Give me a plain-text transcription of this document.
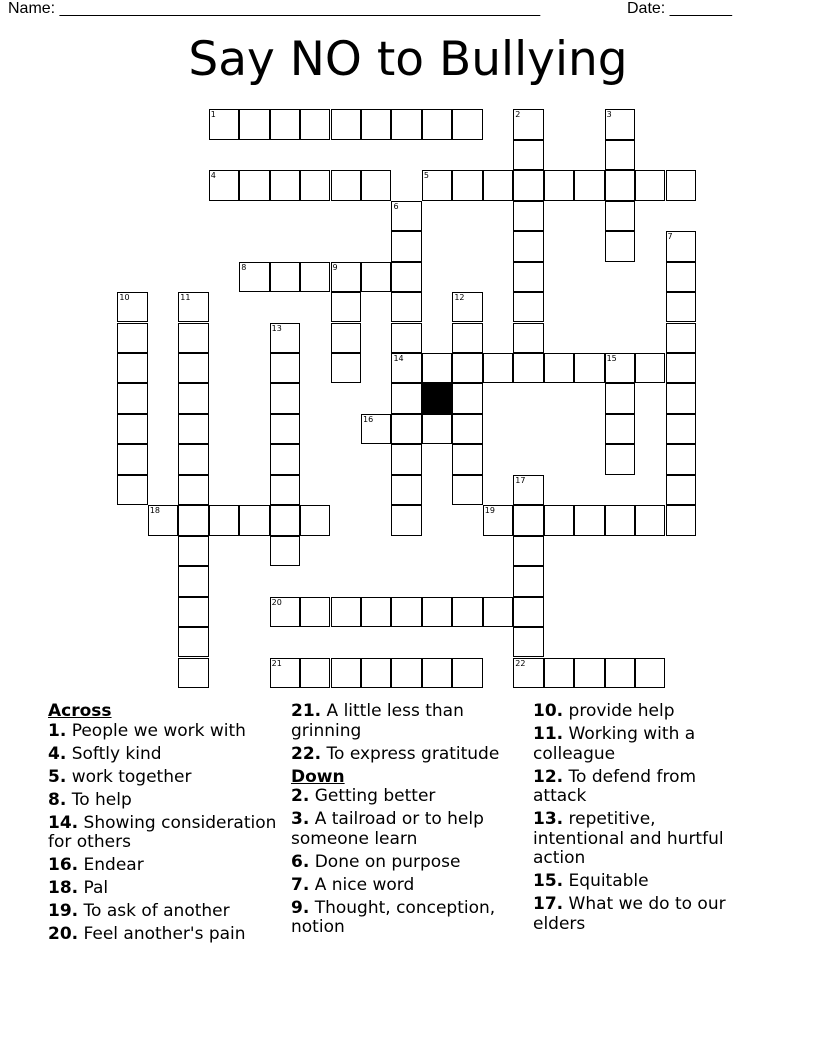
Name: ______________________________________________________	Date: _______
Say NO to Bullying
1	2	3
4	5
6
14
7
8	9
10	11	12
13
15
16
17
22
18	19
20
21
Across
1. People we work with
4. Softly kind
5. work together
8. To help
14. Showing consideration for others
16. Endear
18. Pal
19. To ask of another
20. Feel another's pain
21. A little less than grinning
22. To express gratitude
Down
2. Getting better
3. A tailroad or to help someone learn
6. Done on purpose
7. A nice word
9. Thought, conception, notion
10. provide help
11. Working with a colleague
12. To defend from attack
13. repetitive, intentional and hurtful action
15. Equitable
17. What we do to our elders
